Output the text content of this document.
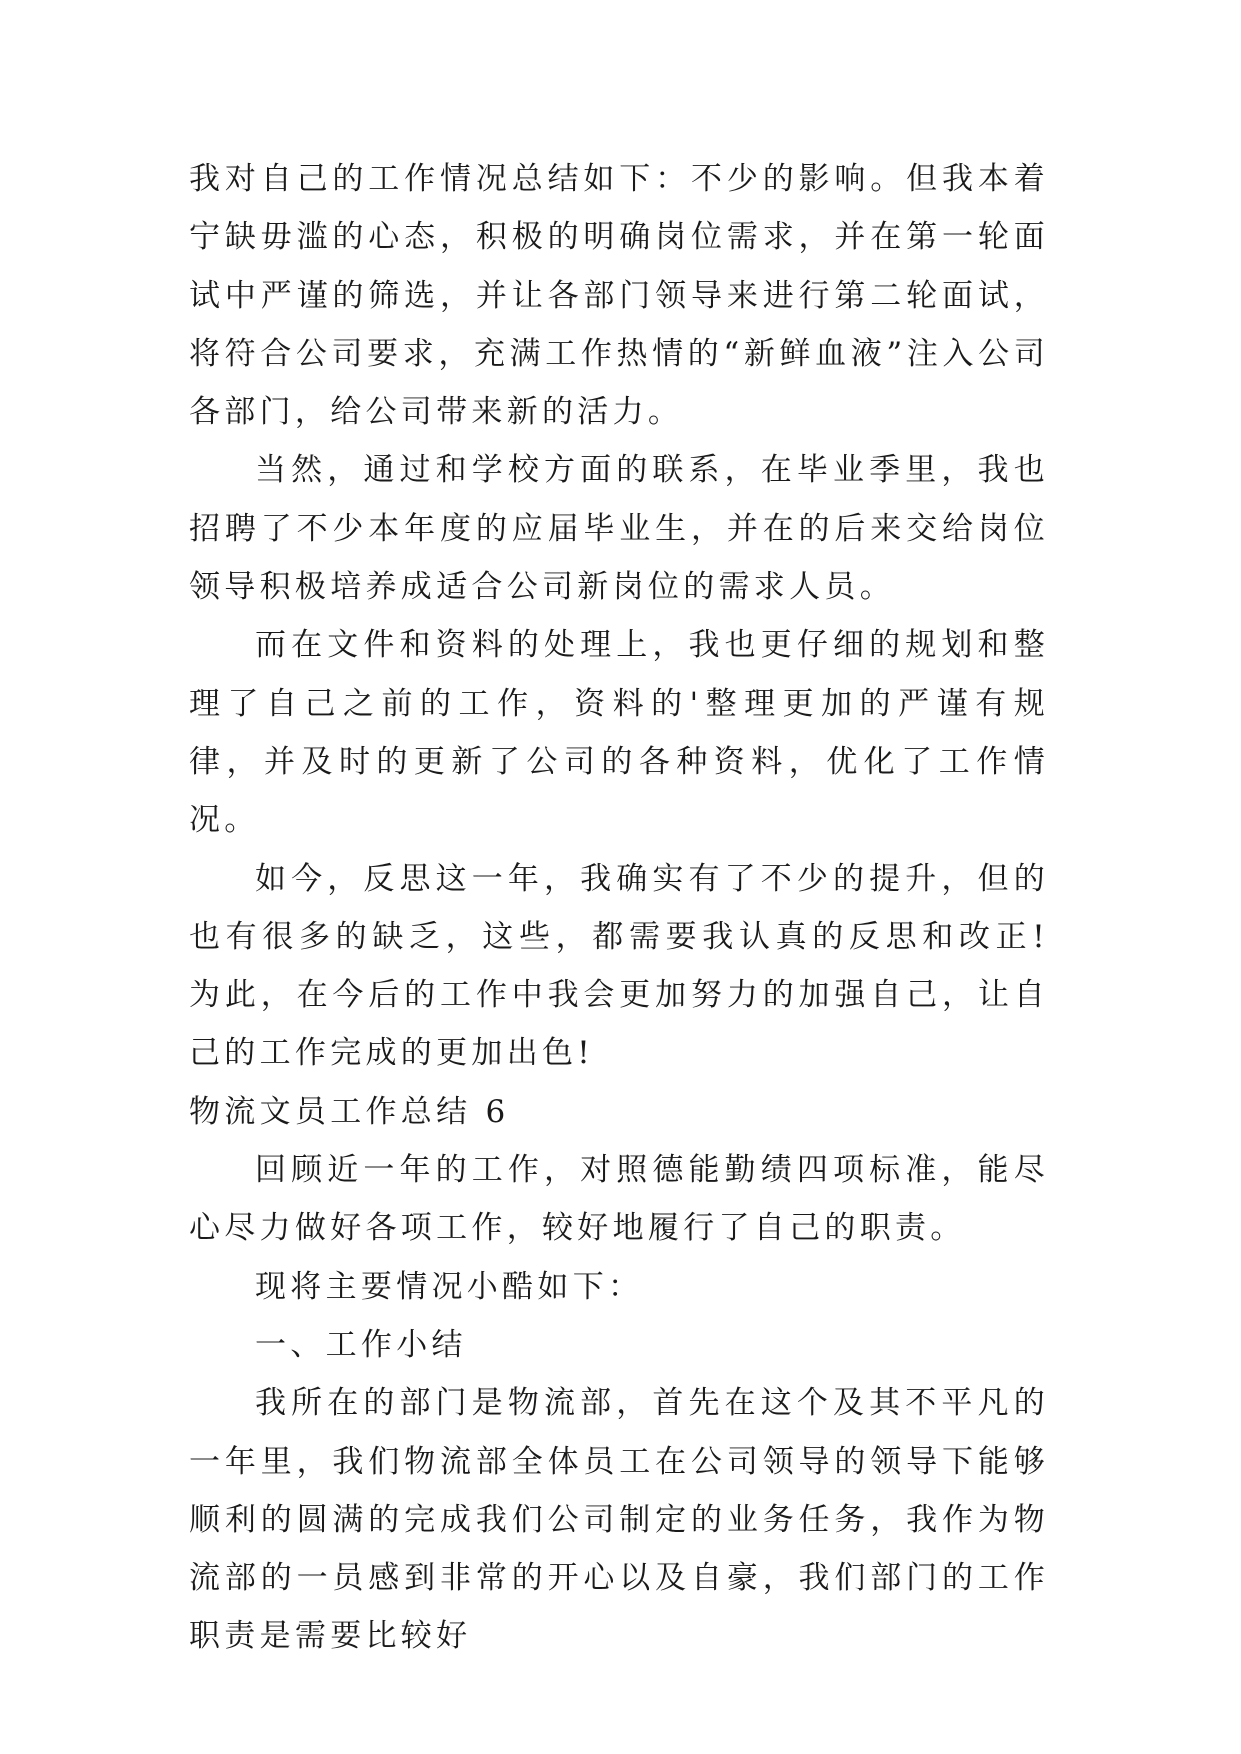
我对自己的工作情况总结如下：不少的影响。但我本着宁缺毋滥的心态，积极的明确岗位需求，并在第一轮面试中严谨的筛选，并让各部门领导来进行第二轮面试，将符合公司要求，充满工作热情的“新鲜血液”注入公司各部门，给公司带来新的活力。

当然，通过和学校方面的联系，在毕业季里，我也招聘了不少本年度的应届毕业生，并在的后来交给岗位领导积极培养成适合公司新岗位的需求人员。

而在文件和资料的处理上，我也更仔细的规划和整理了自己之前的工作，资料的'整理更加的严谨有规律，并及时的更新了公司的各种资料，优化了工作情况。

如今，反思这一年，我确实有了不少的提升，但的也有很多的缺乏，这些，都需要我认真的反思和改正!为此，在今后的工作中我会更加努力的加强自己，让自己的工作完成的更加出色!

物流文员工作总结 6

回顾近一年的工作，对照德能勤绩四项标准，能尽心尽力做好各项工作，较好地履行了自己的职责。

现将主要情况小酷如下：

一、工作小结

我所在的部门是物流部，首先在这个及其不平凡的一年里，我们物流部全体员工在公司领导的领导下能够顺利的圆满的完成我们公司制定的业务任务，我作为物流部的一员感到非常的开心以及自豪，我们部门的工作职责是需要比较好
